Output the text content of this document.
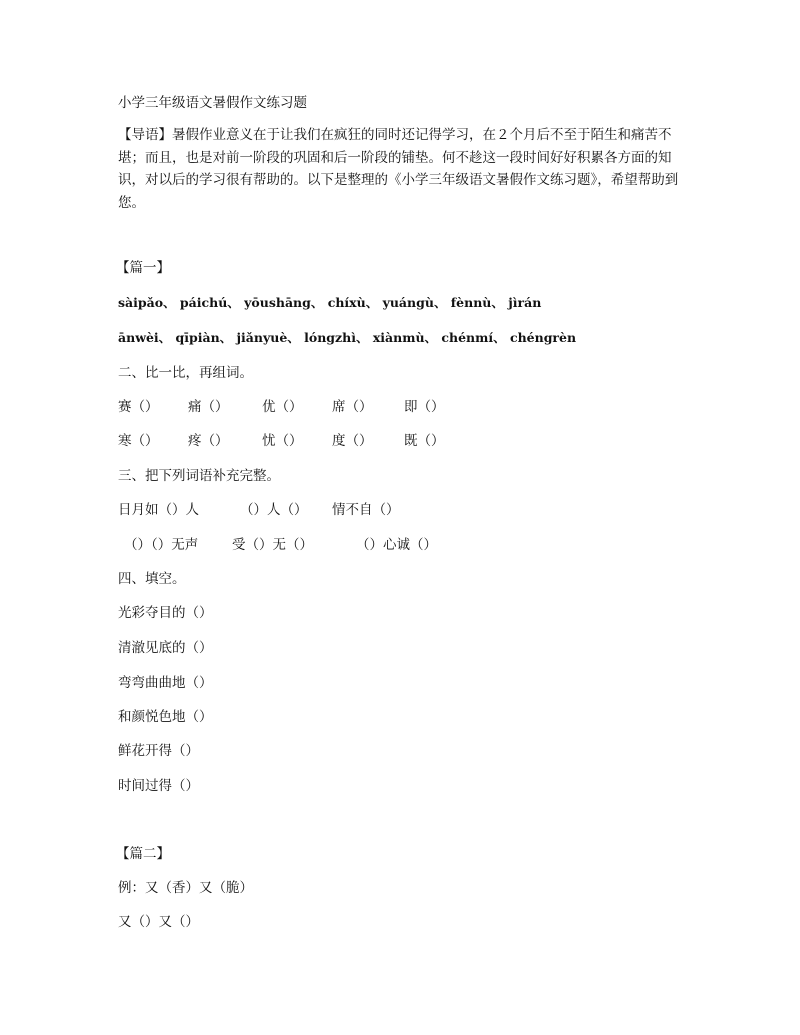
小学三年级语文暑假作文练习题
【导语】暑假作业意义在于让我们在疯狂的同时还记得学习，在２个月后不至于陌生和痛苦不堪；而且，也是对前一阶段的巩固和后一阶段的铺垫。何不趁这一段时间好好积累各方面的知识，对以后的学习很有帮助的。以下是整理的《小学三年级语文暑假作文练习题》，希望帮助到您。
【篇一】
sàipǎo、 páichú、 yōushāng、 chíxù、 yuángù、 fènnù、 jìrán
ānwèi、 qīpiàn、 jiǎnyuè、 lóngzhì、 xiànmù、 chénmí、 chéngrèn
二、比一比，再组词。
赛（） 痛（） 优（） 席（） 即（）
寒（） 疼（） 忧（） 度（） 既（）
三、把下列词语补充完整。
日月如（）人	（）人（） 情不自（）
（）（）无声	受（）无（）	（）心诚（）
四、填空。
光彩夺目的（）
清澈见底的（）
弯弯曲曲地（）
和颜悦色地（）
鲜花开得（）
时间过得（）
【篇二】
例：又（香）又（脆）
又（）又（）
